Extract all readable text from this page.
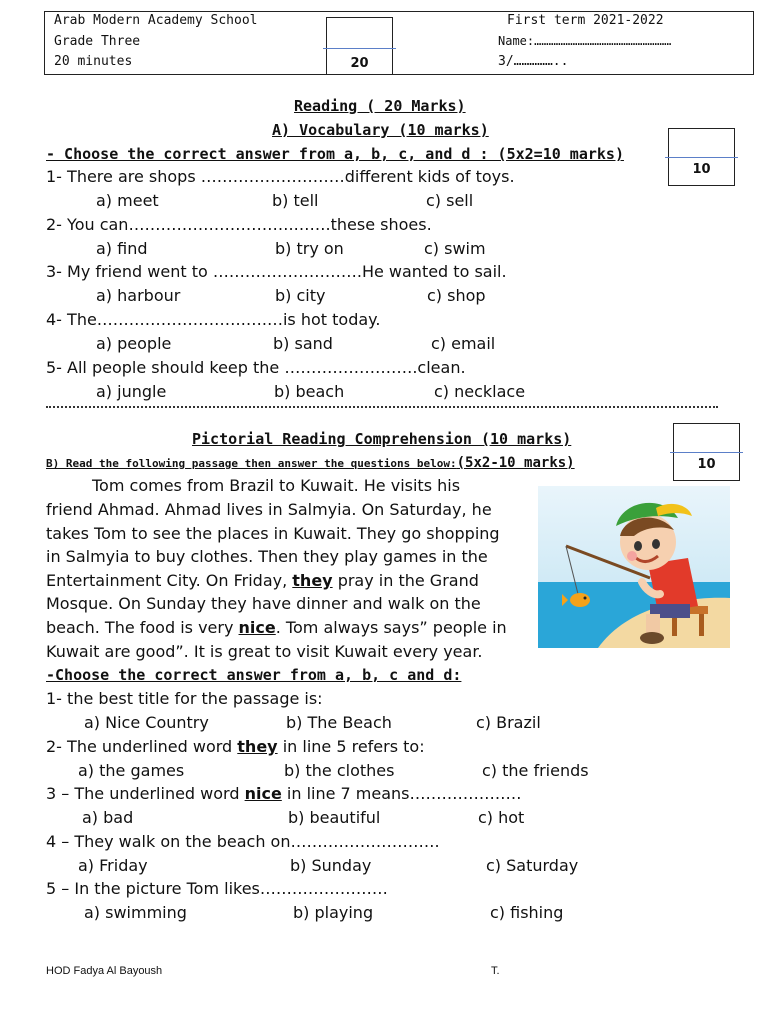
Arab Modern Academy School
Grade Three
20 minutes
First term 2021-2022
Name:…………………………………………………
3/……………..
20
Reading ( 20 Marks)
A) Vocabulary (10 marks)
- Choose the correct answer from a, b, c, and d : (5x2=10 marks)
10
1- There are shops ………………………different kids of toys.
a) meet	b) tell	c) sell
2- You can………………………….…….these shoes.
a) find	b) try on	c) swim
3- My friend went to ……………………….He wanted to sail.
a) harbour	b) city	c) shop
4- The……………………….….…is hot today.
a) people	b) sand	c) email
5- All people should keep the …………………….clean.
a) jungle	b) beach	c) necklace
Pictorial Reading Comprehension (10 marks)
B) Read the following passage then answer the questions below:(5x2-10 marks)	10
Tom comes from Brazil to Kuwait. He visits his
friend Ahmad. Ahmad lives in Salmyia. On Saturday, he
takes Tom to see the places in Kuwait. They go shopping
in Salmyia to buy clothes. Then they play games in the
Entertainment City. On Friday, they pray in the Grand
Mosque. On Sunday they have dinner and walk on the
beach. The food is very nice. Tom always says” people in
Kuwait are good”. It is great to visit Kuwait every year.
-Choose the correct answer from a, b, c and d:
1- the best title for the passage is:
a) Nice Country	b) The Beach	c) Brazil
2- The underlined word they in line 5 refers to:
a) the games	b) the clothes	c) the friends
3 – The underlined word nice in line 7 means…………………
a) bad	b) beautiful	c) hot
4 – They walk on the beach on……………………….
a) Friday	b) Sunday	c) Saturday
5 – In the picture Tom likes……………………
a) swimming	b) playing	c) fishing
HOD Fadya Al Bayoush	T.
